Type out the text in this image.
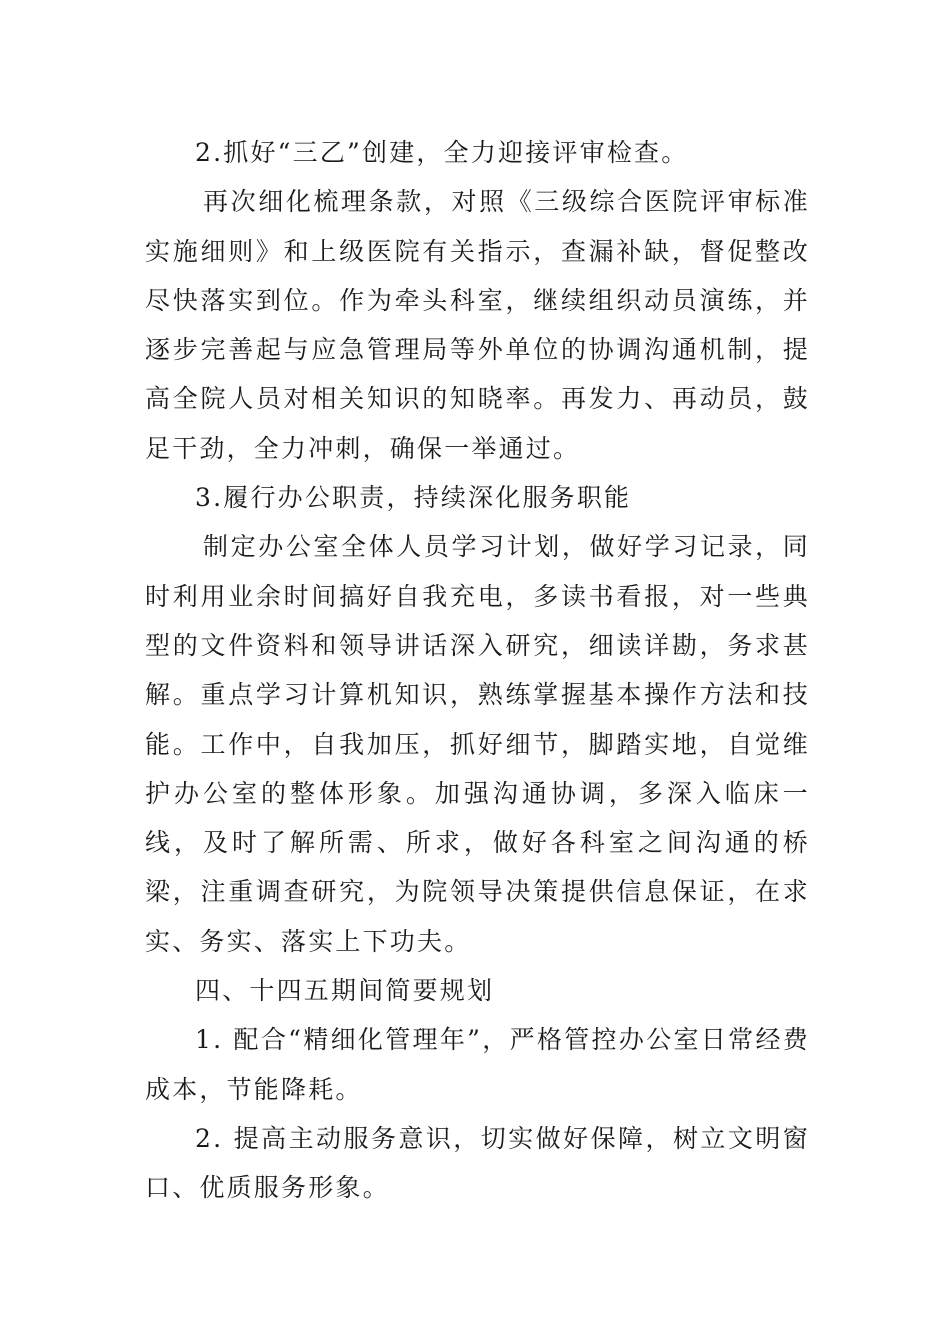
2.抓好“三乙”创建，全力迎接评审检查。

再次细化梳理条款，对照《三级综合医院评审标准实施细则》和上级医院有关指示，查漏补缺，督促整改尽快落实到位。作为牵头科室，继续组织动员演练，并逐步完善起与应急管理局等外单位的协调沟通机制，提高全院人员对相关知识的知晓率。再发力、再动员，鼓足干劲，全力冲刺，确保一举通过。

3.履行办公职责，持续深化服务职能

制定办公室全体人员学习计划，做好学习记录，同时利用业余时间搞好自我充电，多读书看报，对一些典型的文件资料和领导讲话深入研究，细读详勘，务求甚解。重点学习计算机知识，熟练掌握基本操作方法和技能。工作中，自我加压，抓好细节，脚踏实地，自觉维护办公室的整体形象。加强沟通协调，多深入临床一线，及时了解所需、所求，做好各科室之间沟通的桥梁，注重调查研究，为院领导决策提供信息保证，在求实、务实、落实上下功夫。

四、十四五期间简要规划

1. 配合“精细化管理年”，严格管控办公室日常经费成本，节能降耗。

2. 提高主动服务意识，切实做好保障，树立文明窗口、优质服务形象。
